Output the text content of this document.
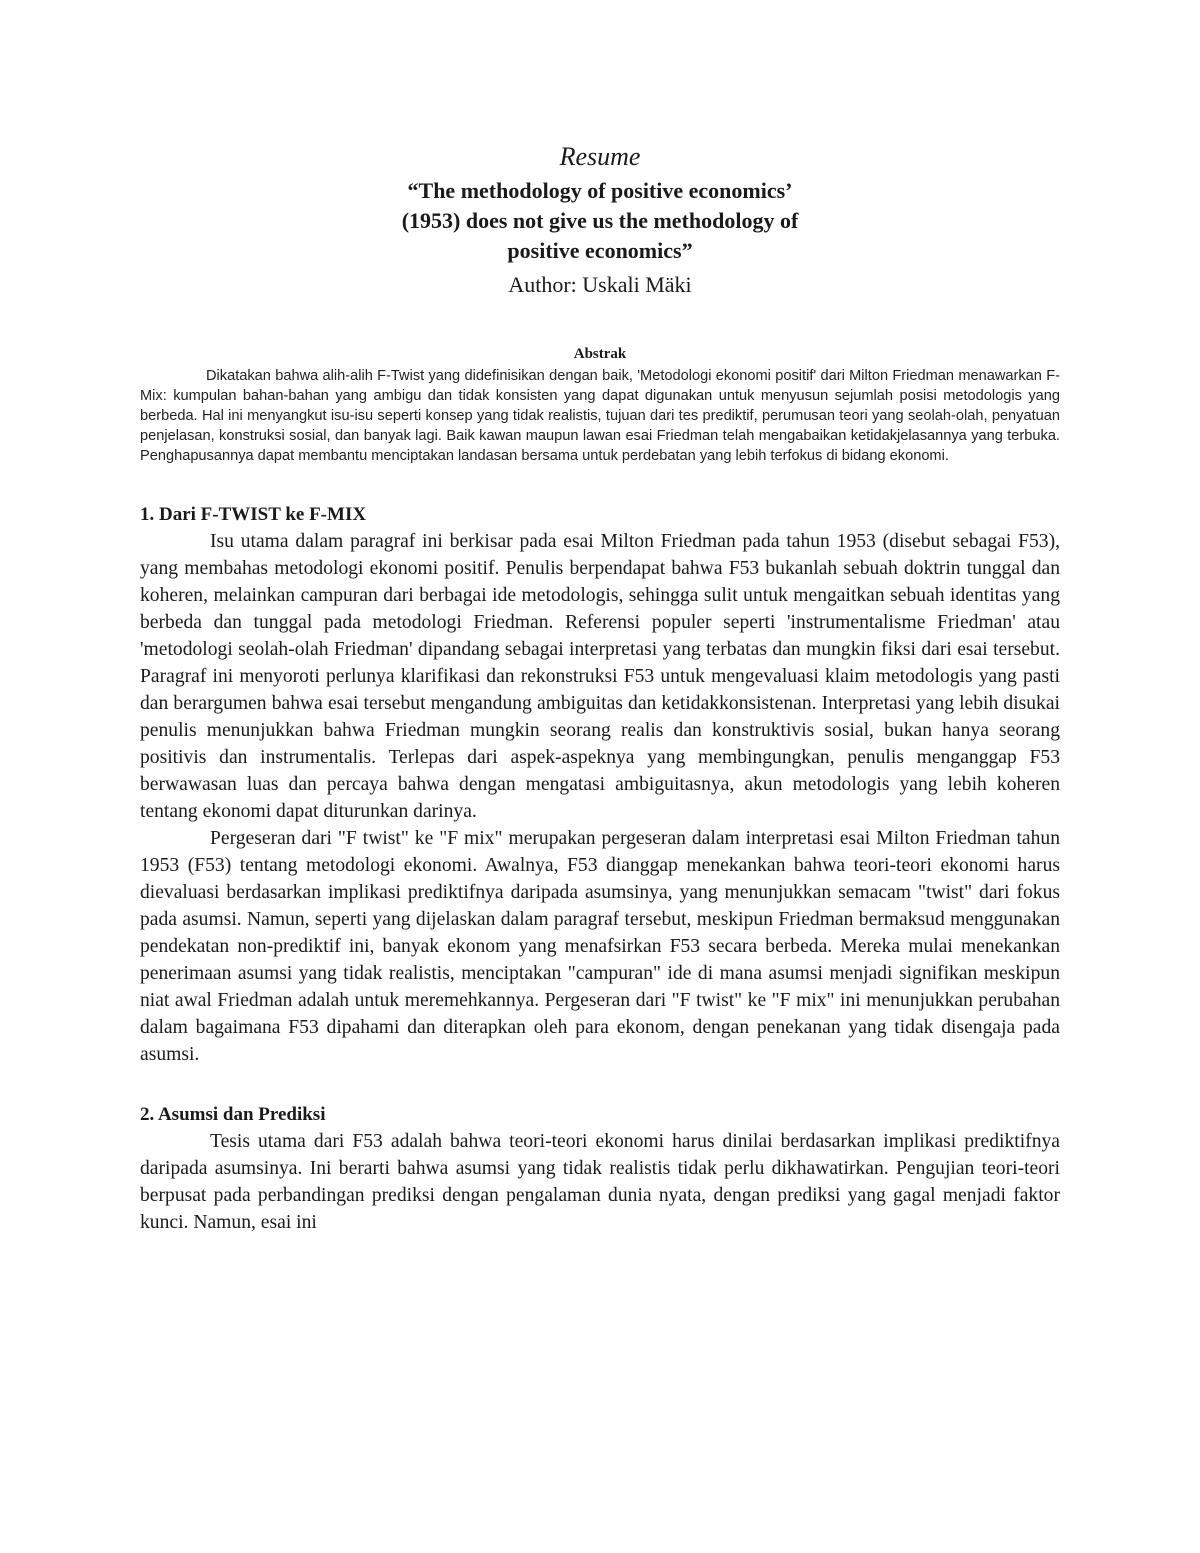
Resume

“The methodology of positive economics’
(1953) does not give us the methodology of
positive economics”

Author: Uskali Mäki

Abstrak

Dikatakan bahwa alih-alih F-Twist yang didefinisikan dengan baik, 'Metodologi ekonomi positif' dari Milton Friedman menawarkan F-Mix: kumpulan bahan-bahan yang ambigu dan tidak konsisten yang dapat digunakan untuk menyusun sejumlah posisi metodologis yang berbeda. Hal ini menyangkut isu-isu seperti konsep yang tidak realistis, tujuan dari tes prediktif, perumusan teori yang seolah-olah, penyatuan penjelasan, konstruksi sosial, dan banyak lagi. Baik kawan maupun lawan esai Friedman telah mengabaikan ketidakjelasannya yang terbuka. Penghapusannya dapat membantu menciptakan landasan bersama untuk perdebatan yang lebih terfokus di bidang ekonomi.

1. Dari F-TWIST ke F-MIX

Isu utama dalam paragraf ini berkisar pada esai Milton Friedman pada tahun 1953 (disebut sebagai F53), yang membahas metodologi ekonomi positif. Penulis berpendapat bahwa F53 bukanlah sebuah doktrin tunggal dan koheren, melainkan campuran dari berbagai ide metodologis, sehingga sulit untuk mengaitkan sebuah identitas yang berbeda dan tunggal pada metodologi Friedman. Referensi populer seperti 'instrumentalisme Friedman' atau 'metodologi seolah-olah Friedman' dipandang sebagai interpretasi yang terbatas dan mungkin fiksi dari esai tersebut. Paragraf ini menyoroti perlunya klarifikasi dan rekonstruksi F53 untuk mengevaluasi klaim metodologis yang pasti dan berargumen bahwa esai tersebut mengandung ambiguitas dan ketidakkonsistenan. Interpretasi yang lebih disukai penulis menunjukkan bahwa Friedman mungkin seorang realis dan konstruktivis sosial, bukan hanya seorang positivis dan instrumentalis. Terlepas dari aspek-aspeknya yang membingungkan, penulis menganggap F53 berwawasan luas dan percaya bahwa dengan mengatasi ambiguitasnya, akun metodologis yang lebih koheren tentang ekonomi dapat diturunkan darinya.

Pergeseran dari "F twist" ke "F mix" merupakan pergeseran dalam interpretasi esai Milton Friedman tahun 1953 (F53) tentang metodologi ekonomi. Awalnya, F53 dianggap menekankan bahwa teori-teori ekonomi harus dievaluasi berdasarkan implikasi prediktifnya daripada asumsinya, yang menunjukkan semacam "twist" dari fokus pada asumsi. Namun, seperti yang dijelaskan dalam paragraf tersebut, meskipun Friedman bermaksud menggunakan pendekatan non-prediktif ini, banyak ekonom yang menafsirkan F53 secara berbeda. Mereka mulai menekankan penerimaan asumsi yang tidak realistis, menciptakan "campuran" ide di mana asumsi menjadi signifikan meskipun niat awal Friedman adalah untuk meremehkannya. Pergeseran dari "F twist" ke "F mix" ini menunjukkan perubahan dalam bagaimana F53 dipahami dan diterapkan oleh para ekonom, dengan penekanan yang tidak disengaja pada asumsi.

2. Asumsi dan Prediksi

Tesis utama dari F53 adalah bahwa teori-teori ekonomi harus dinilai berdasarkan implikasi prediktifnya daripada asumsinya. Ini berarti bahwa asumsi yang tidak realistis tidak perlu dikhawatirkan. Pengujian teori-teori berpusat pada perbandingan prediksi dengan pengalaman dunia nyata, dengan prediksi yang gagal menjadi faktor kunci. Namun, esai ini
